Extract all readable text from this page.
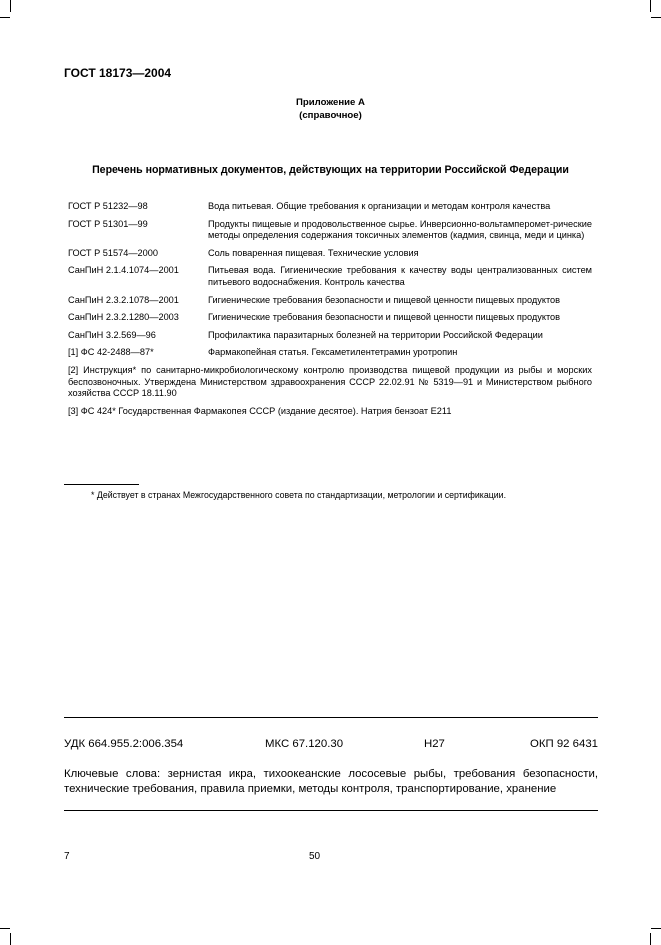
ГОСТ 18173—2004
Приложение А
(справочное)
Перечень нормативных документов, действующих на территории Российской Федерации
ГОСТ Р 51232—98	Вода питьевая. Общие требования к организации и методам контроля качества
ГОСТ Р 51301—99	Продукты пищевые и продовольственное сырье. Инверсионно-вольтамперомет-рические методы определения содержания токсичных элементов (кадмия, свинца, меди и цинка)
ГОСТ Р 51574—2000	Соль поваренная пищевая. Технические условия
СанПиН 2.1.4.1074—2001	Питьевая вода. Гигиенические требования к качеству воды централизованных систем питьевого водоснабжения. Контроль качества
СанПиН 2.3.2.1078—2001	Гигиенические требования безопасности и пищевой ценности пищевых продуктов
СанПиН 2.3.2.1280—2003	Гигиенические требования безопасности и пищевой ценности пищевых продуктов
СанПиН 3.2.569—96	Профилактика паразитарных болезней на территории Российской Федерации
[1] ФС 42-2488—87*	Фармакопейная статья. Гексаметилентетрамин уротропин
[2] Инструкция* по санитарно-микробиологическому контролю производства пищевой продукции из рыбы и морских беспозвоночных. Утверждена Министерством здравоохранения СССР 22.02.91 № 5319—91 и Министерством рыбного хозяйства СССР 18.11.90
[3] ФС 424* Государственная Фармакопея СССР (издание десятое). Натрия бензоат Е211
* Действует в странах Межгосударственного совета по стандартизации, метрологии и сертификации.
УДК 664.955.2:006.354	МКС 67.120.30	Н27	ОКП 92 6431
Ключевые слова: зернистая икра, тихоокеанские лососевые рыбы, требования безопасности, технические требования, правила приемки, методы контроля, транспортирование, хранение
7	50
